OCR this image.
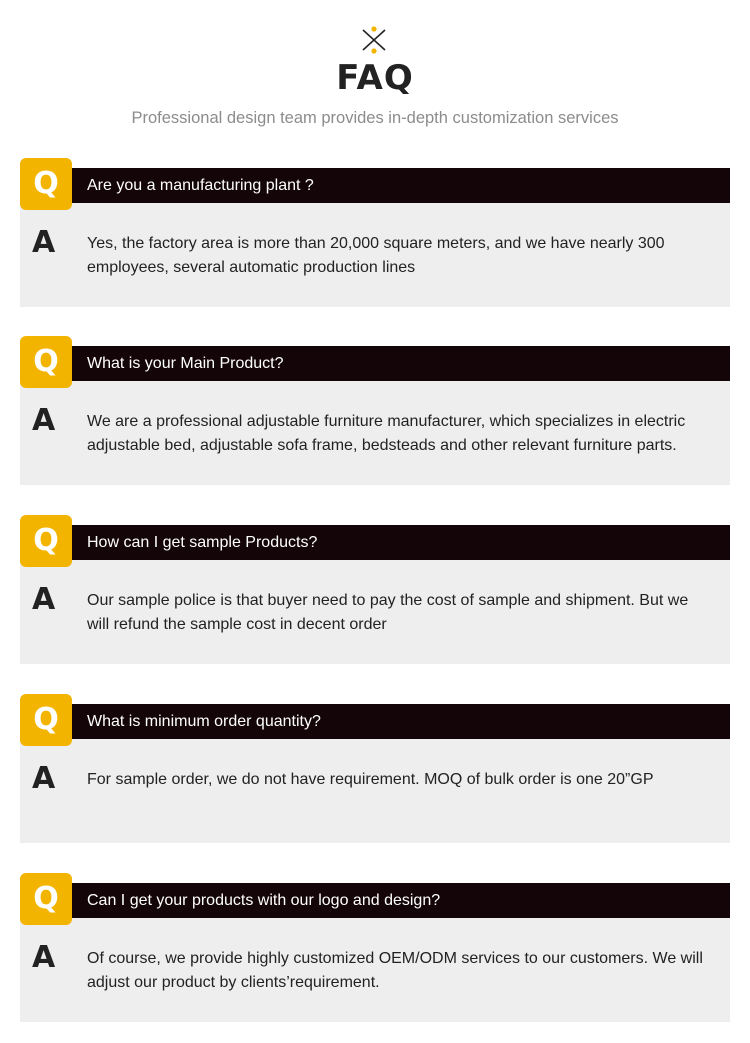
FAQ
Professional design team provides in-depth customization services
Q	Are you a manufacturing plant ?
A Yes, the factory area is more than 20,000 square meters, and we have nearly 300 employees, several automatic production lines
Q	What is your Main Product?
A We are a professional adjustable furniture manufacturer, which specializes in electric adjustable bed, adjustable sofa frame, bedsteads and other relevant furniture parts.
Q	How can I get sample Products?
A Our sample police is that buyer need to pay the cost of sample and shipment. But we will refund the sample cost in decent order
Q	What is minimum order quantity?
A For sample order, we do not have requirement. MOQ of bulk order is one 20”GP
Q	Can I get your products with our logo and design?
A Of course, we provide highly customized OEM/ODM services to our customers. We will adjust our product by clients’requirement.
